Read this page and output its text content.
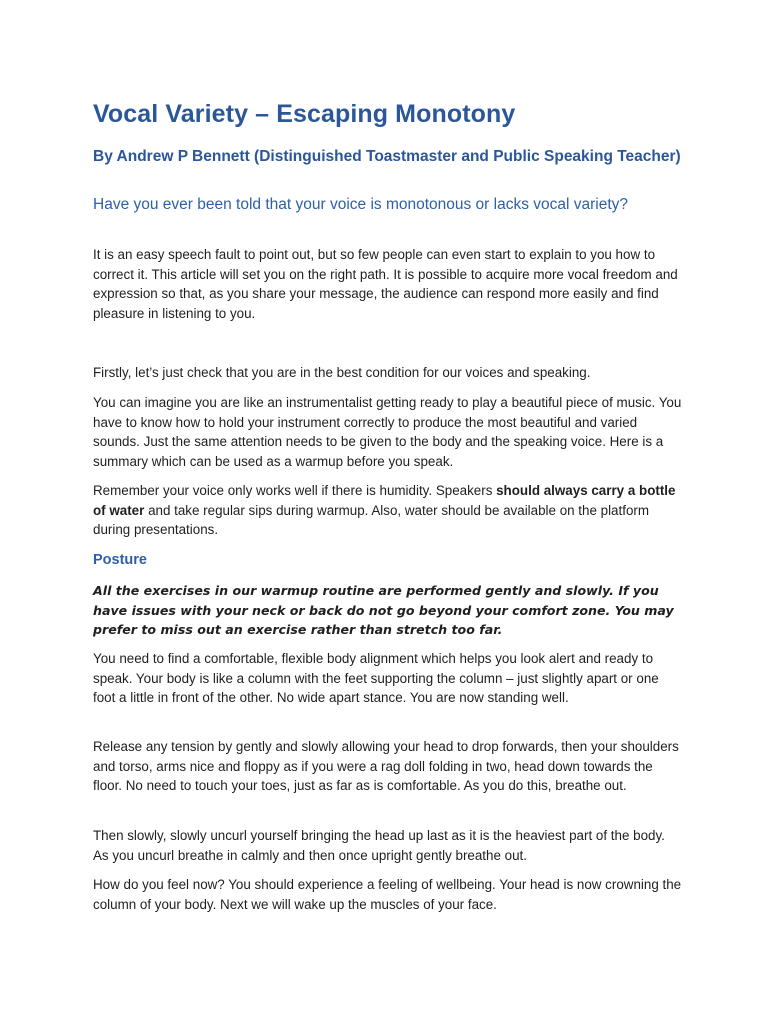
Vocal Variety – Escaping Monotony

By Andrew P Bennett (Distinguished Toastmaster and Public Speaking Teacher)

Have you ever been told that your voice is monotonous or lacks vocal variety?

It is an easy speech fault to point out, but so few people can even start to explain to you how to correct it. This article will set you on the right path. It is possible to acquire more vocal freedom and expression so that, as you share your message, the audience can respond more easily and find pleasure in listening to you.

Firstly, let’s just check that you are in the best condition for our voices and speaking.

You can imagine you are like an instrumentalist getting ready to play a beautiful piece of music. You have to know how to hold your instrument correctly to produce the most beautiful and varied sounds. Just the same attention needs to be given to the body and the speaking voice. Here is a summary which can be used as a warmup before you speak.

Remember your voice only works well if there is humidity. Speakers should always carry a bottle of water and take regular sips during warmup. Also, water should be available on the platform during presentations.

Posture

All the exercises in our warmup routine are performed gently and slowly. If you have issues with your neck or back do not go beyond your comfort zone. You may prefer to miss out an exercise rather than stretch too far.

You need to find a comfortable, flexible body alignment which helps you look alert and ready to speak. Your body is like a column with the feet supporting the column – just slightly apart or one foot a little in front of the other. No wide apart stance. You are now standing well.

Release any tension by gently and slowly allowing your head to drop forwards, then your shoulders and torso, arms nice and floppy as if you were a rag doll folding in two, head down towards the floor. No need to touch your toes, just as far as is comfortable. As you do this, breathe out.

Then slowly, slowly uncurl yourself bringing the head up last as it is the heaviest part of the body. As you uncurl breathe in calmly and then once upright gently breathe out.

How do you feel now? You should experience a feeling of wellbeing. Your head is now crowning the column of your body. Next we will wake up the muscles of your face.
